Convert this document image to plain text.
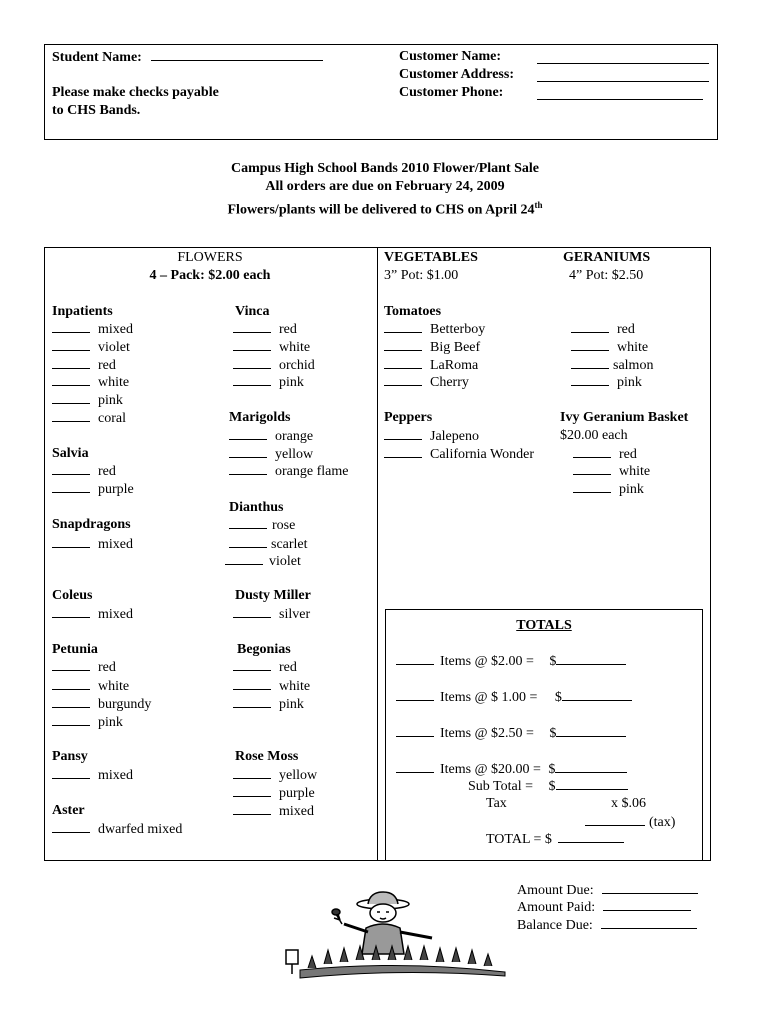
Student Name:
Please make checks payable
to CHS Bands.
Customer Name:
Customer Address:
Customer Phone:
Campus High School Bands 2010 Flower/Plant Sale
All orders are due on February 24, 2009
Flowers/plants will be delivered to CHS on April 24th
FLOWERS
4 – Pack: $2.00 each
Inpatients
mixed
violet
red
white
pink
coral
Salvia
red
purple
Snapdragons
mixed
Coleus
mixed
Petunia
red
white
burgundy
pink
Pansy
mixed
Aster
dwarfed mixed
Vinca
red
white
orchid
pink
Marigolds
orange
yellow
orange flame
Dianthus
rose
scarlet
violet
Dusty Miller
silver
Begonias
red
white
pink
Rose Moss
yellow
purple
mixed
VEGETABLES
3” Pot: $1.00
Tomatoes
Betterboy
Big Beef
LaRoma
Cherry
Peppers
Jalepeno
California Wonder
GERANIUMS
4” Pot: $2.50
red
white
salmon
pink
Ivy Geranium Basket
$20.00 each
red
white
pink
TOTALS
Items @ $2.00 = $
Items @ $ 1.00 = $
Items @ $2.50 = $
Items @ $20.00 = $
Sub Total = $
Tax	x $.06
(tax)
TOTAL = $
Amount Due:
Amount Paid:
Balance Due:
